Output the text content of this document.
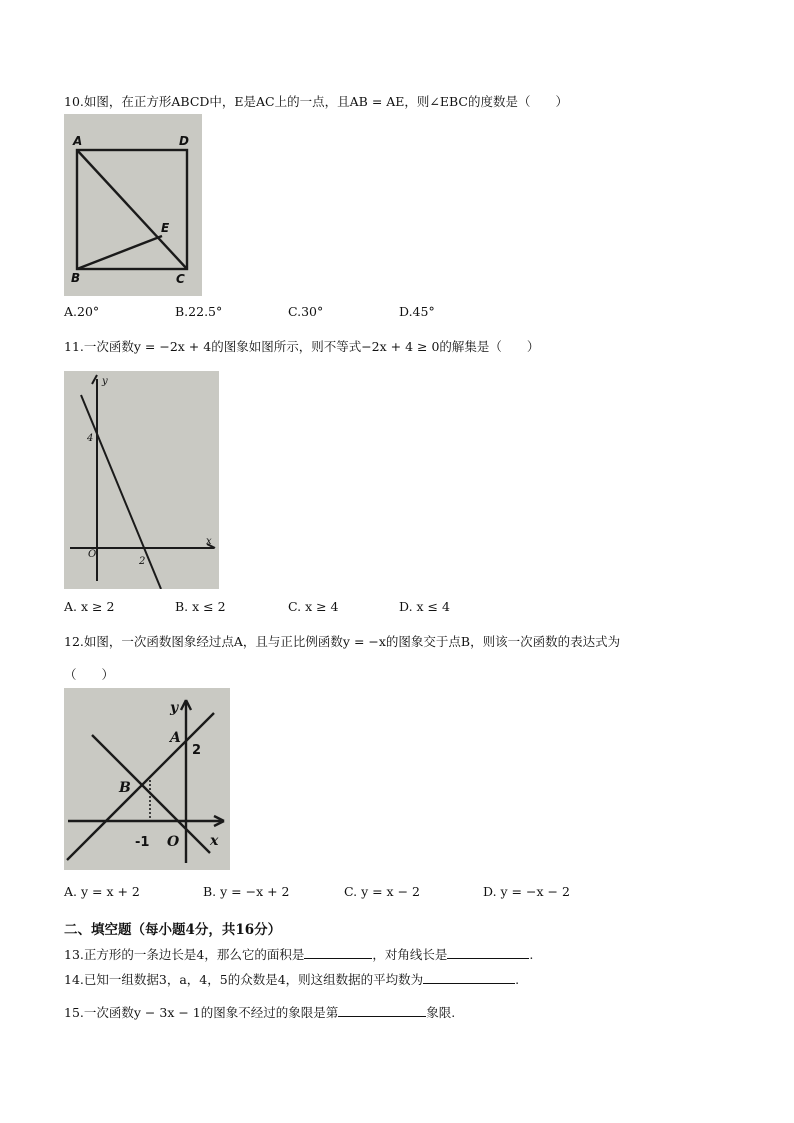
10.如图，在正方形ABCD中，E是AC上的一点，且AB = AE，则∠EBC的度数是（　　）
A	D
B	C
E
A.20°	B.22.5°	C.30°	D.45°
11.一次函数y = −2x + 4的图象如图所示，则不等式−2x + 4 ≥ 0的解集是（　　）
y
x
O
4
2
A. x ≥ 2	B. x ≤ 2	C. x ≥ 4	D. x ≤ 4
12.如图，一次函数图象经过点A，且与正比例函数y = −x的图象交于点B，则该一次函数的表达式为
（　　）
y
x
A
B
O
2
-1
A. y = x + 2	B. y = −x + 2	C. y = x − 2	D. y = −x − 2
二、填空题（每小题4分，共16分）
13.正方形的一条边长是4，那么它的面积是	，对角线长是	.
14.已知一组数据3，a，4，5的众数是4，则这组数据的平均数为	.
15.一次函数y − 3x − 1的图象不经过的象限是第	象限.
